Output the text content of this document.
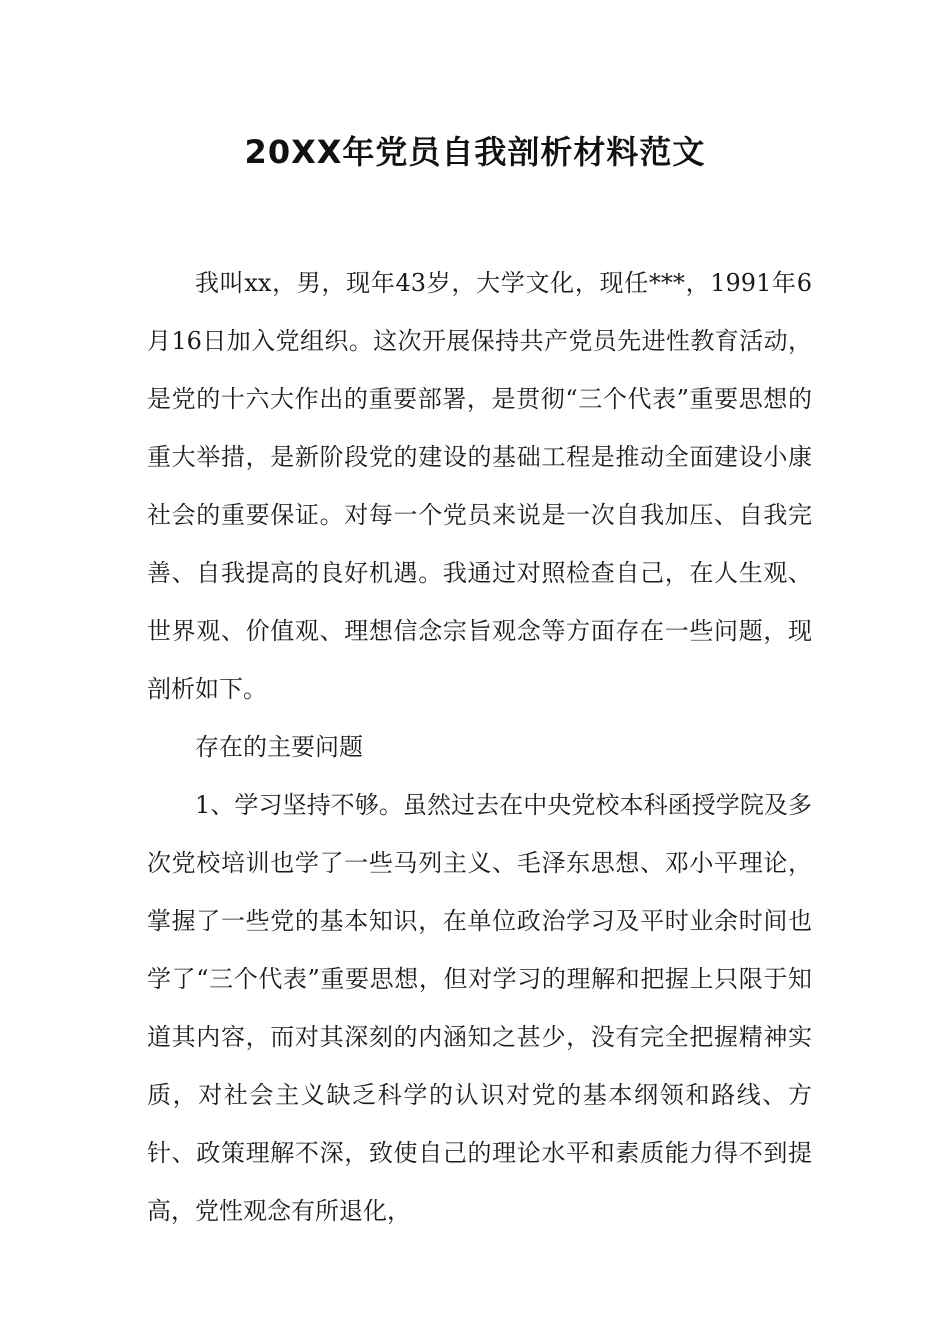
20XX年党员自我剖析材料范文

我叫xx，男，现年43岁，大学文化，现任***，1991年6月16日加入党组织。这次开展保持共产党员先进性教育活动，是党的十六大作出的重要部署，是贯彻“三个代表”重要思想的重大举措，是新阶段党的建设的基础工程是推动全面建设小康社会的重要保证。对每一个党员来说是一次自我加压、自我完善、自我提高的良好机遇。我通过对照检查自己，在人生观、世界观、价值观、理想信念宗旨观念等方面存在一些问题，现剖析如下。

存在的主要问题

1、学习坚持不够。虽然过去在中央党校本科函授学院及多次党校培训也学了一些马列主义、毛泽东思想、邓小平理论，掌握了一些党的基本知识，在单位政治学习及平时业余时间也学了“三个代表”重要思想，但对学习的理解和把握上只限于知道其内容，而对其深刻的内涵知之甚少，没有完全把握精神实质，对社会主义缺乏科学的认识对党的基本纲领和路线、方针、政策理解不深，致使自己的理论水平和素质能力得不到提高，党性观念有所退化，
